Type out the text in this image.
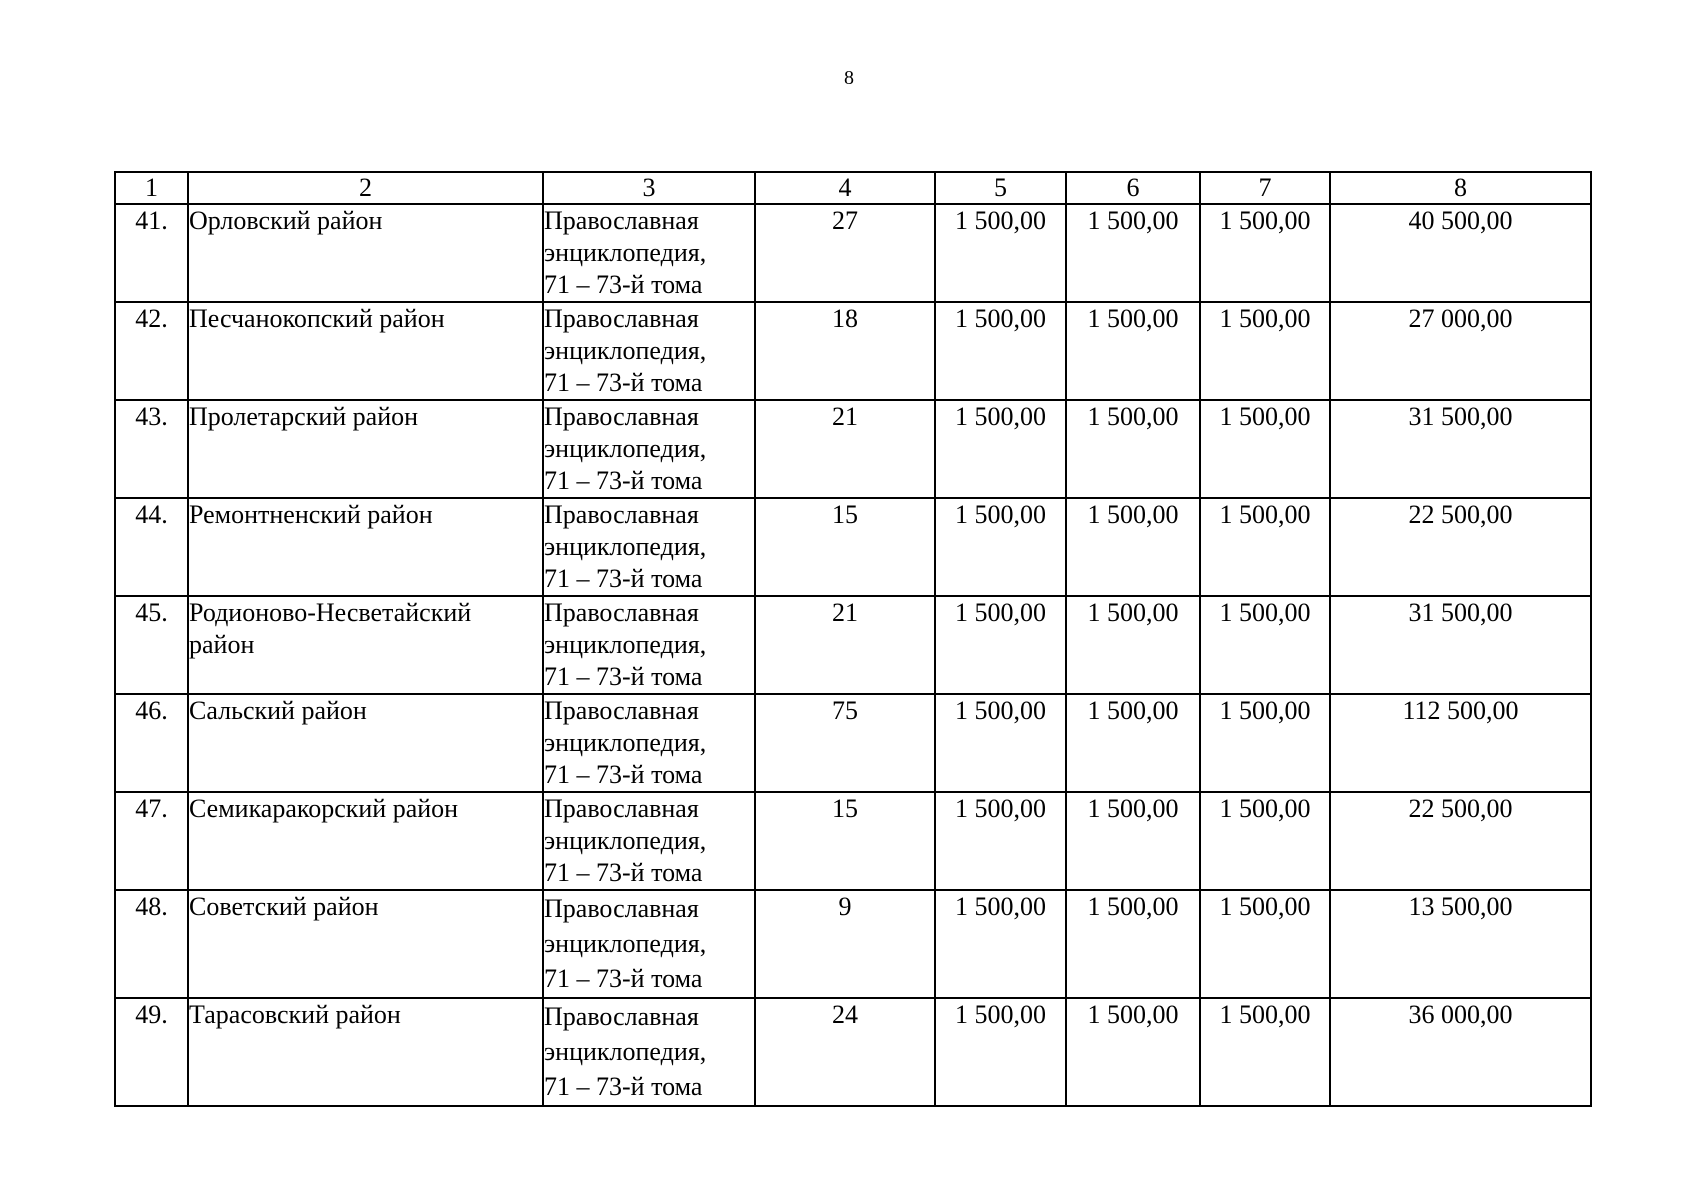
8
1	2	3	4	5	6	7	8
41.	Орловский район	Православная
энциклопедия,
71 – 73-й тома	27	1 500,00	1 500,00	1 500,00	40 500,00
42.	Песчанокопский район	Православная
энциклопедия,
71 – 73-й тома	18	1 500,00	1 500,00	1 500,00	27 000,00
43.	Пролетарский район	Православная
энциклопедия,
71 – 73-й тома	21	1 500,00	1 500,00	1 500,00	31 500,00
44.	Ремонтненский район	Православная
энциклопедия,
71 – 73-й тома	15	1 500,00	1 500,00	1 500,00	22 500,00
45.	Родионово-Несветайский район	Православная
энциклопедия,
71 – 73-й тома	21	1 500,00	1 500,00	1 500,00	31 500,00
46.	Сальский район	Православная
энциклопедия,
71 – 73-й тома	75	1 500,00	1 500,00	1 500,00	112 500,00
47.	Семикаракорский район	Православная
энциклопедия,
71 – 73-й тома	15	1 500,00	1 500,00	1 500,00	22 500,00
48.	Советский район	Православная
энциклопедия,
71 – 73-й тома	9	1 500,00	1 500,00	1 500,00	13 500,00
49.	Тарасовский район	Православная
энциклопедия,
71 – 73-й тома	24	1 500,00	1 500,00	1 500,00	36 000,00
